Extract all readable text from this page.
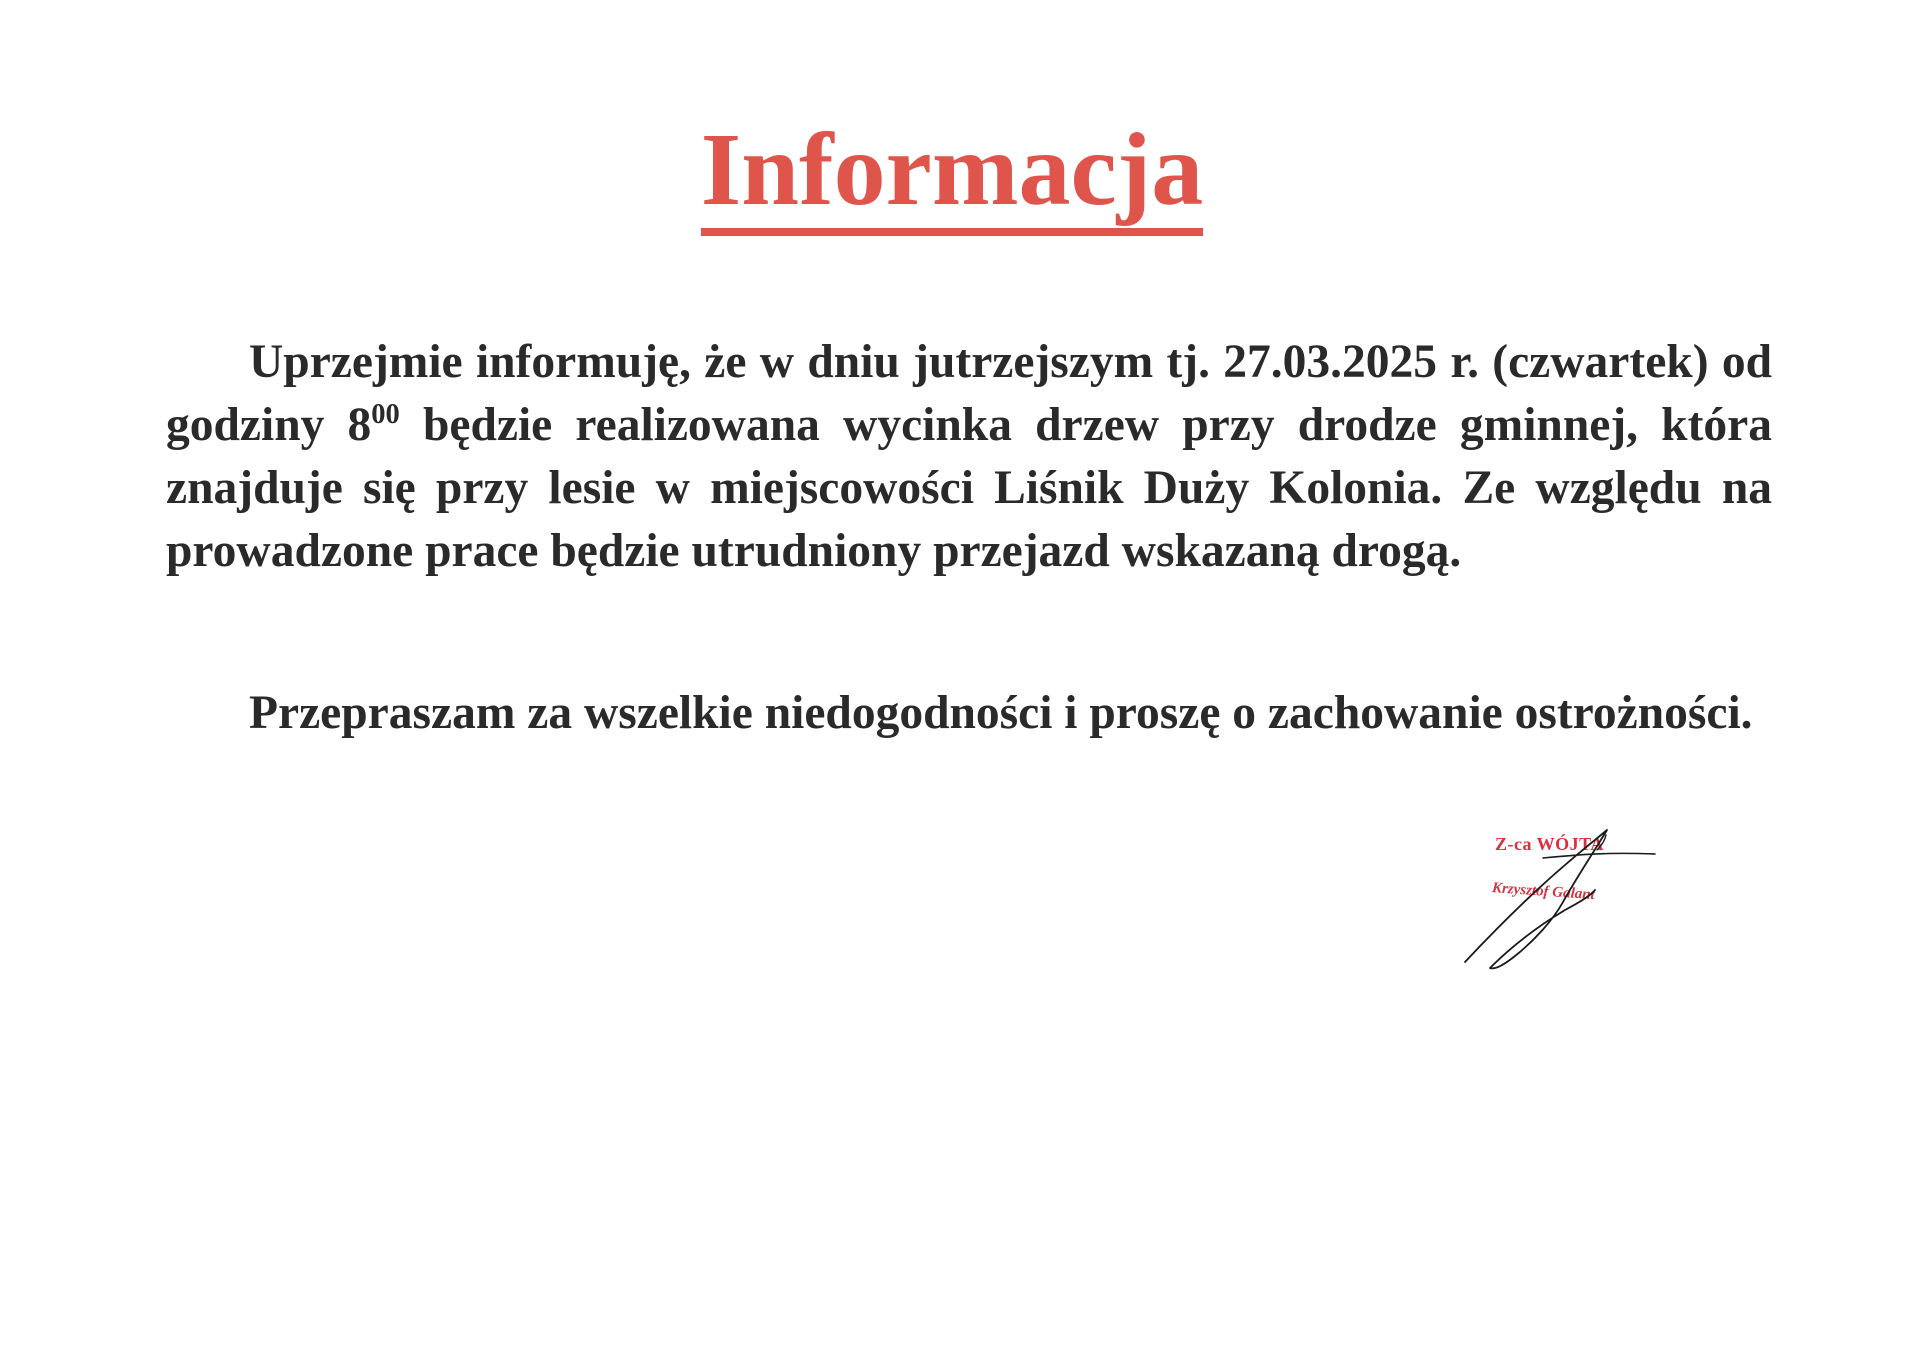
Informacja

Uprzejmie informuję, że w dniu jutrzejszym tj. 27.03.2025 r. (czwartek) od godziny $8^{00}$ będzie realizowana wycinka drzew przy drodze gminnej, która znajduje się przy lesie w miejscowości Liśnik Duży Kolonia. Ze względu na prowadzone prace będzie utrudniony przejazd wskazaną drogą.

Przepraszam za wszelkie niedogodności i proszę o zachowanie ostrożności.

Z-ca WÓJTA
Krzysztof Galant
